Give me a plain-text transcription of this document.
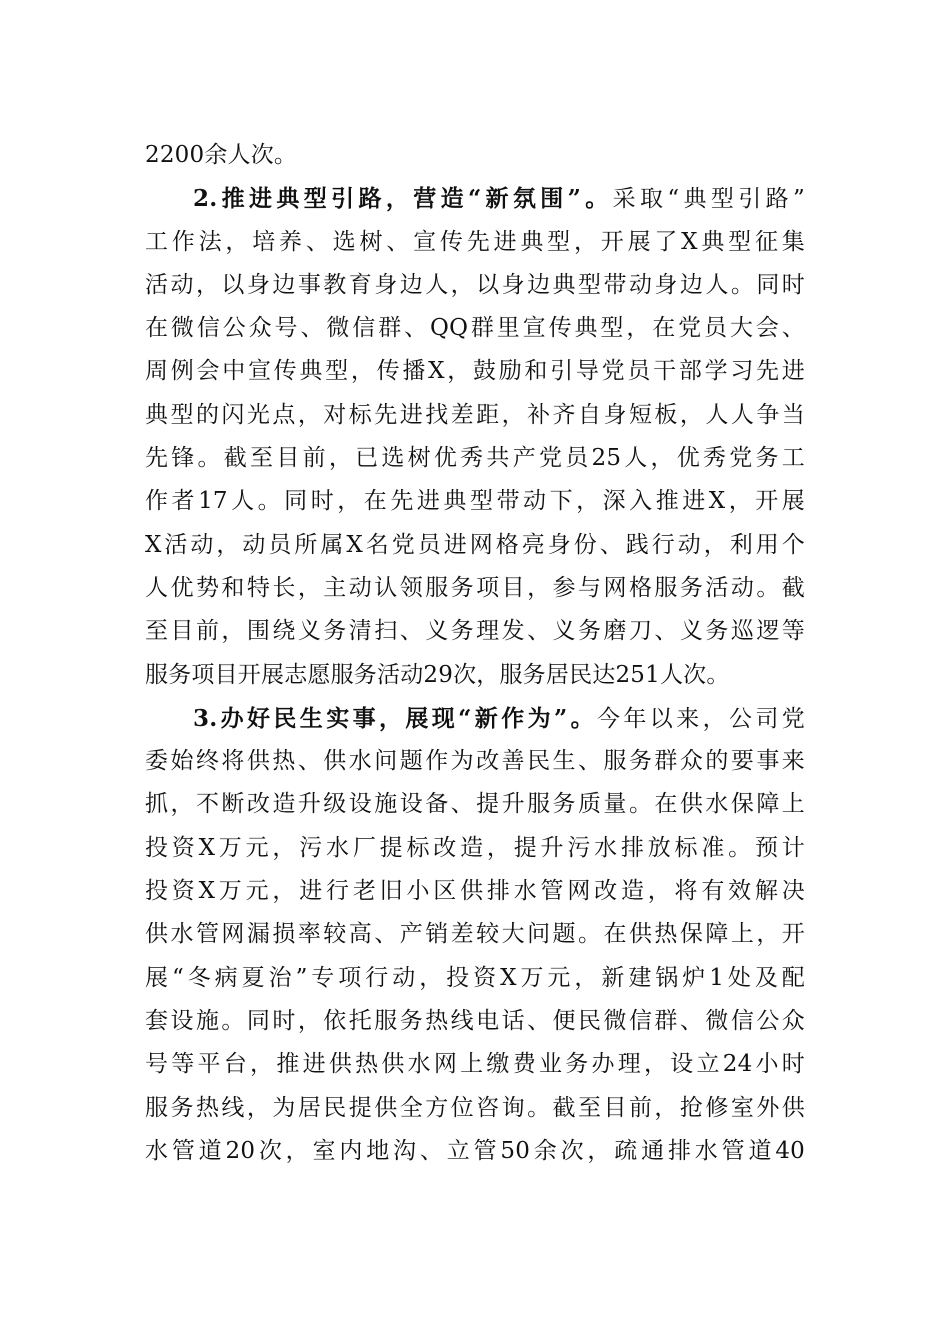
2200余人次。
2.推进典型引路，营造“新氛围”。采取“典型引路”
工作法，培养、选树、宣传先进典型，开展了X典型征集
活动，以身边事教育身边人，以身边典型带动身边人。同时
在微信公众号、微信群、QQ群里宣传典型，在党员大会、
周例会中宣传典型，传播X，鼓励和引导党员干部学习先进
典型的闪光点，对标先进找差距，补齐自身短板，人人争当
先锋。截至目前，已选树优秀共产党员25人，优秀党务工
作者17人。同时，在先进典型带动下，深入推进X，开展
X活动，动员所属X名党员进网格亮身份、践行动，利用个
人优势和特长，主动认领服务项目，参与网格服务活动。截
至目前，围绕义务清扫、义务理发、义务磨刀、义务巡逻等
服务项目开展志愿服务活动29次，服务居民达251人次。
3.办好民生实事，展现“新作为”。今年以来，公司党
委始终将供热、供水问题作为改善民生、服务群众的要事来
抓，不断改造升级设施设备、提升服务质量。在供水保障上
投资X万元，污水厂提标改造，提升污水排放标准。预计
投资X万元，进行老旧小区供排水管网改造，将有效解决
供水管网漏损率较高、产销差较大问题。在供热保障上，开
展“冬病夏治”专项行动，投资X万元，新建锅炉1处及配
套设施。同时，依托服务热线电话、便民微信群、微信公众
号等平台，推进供热供水网上缴费业务办理，设立24小时
服务热线，为居民提供全方位咨询。截至目前，抢修室外供
水管道20次，室内地沟、立管50余次，疏通排水管道40
